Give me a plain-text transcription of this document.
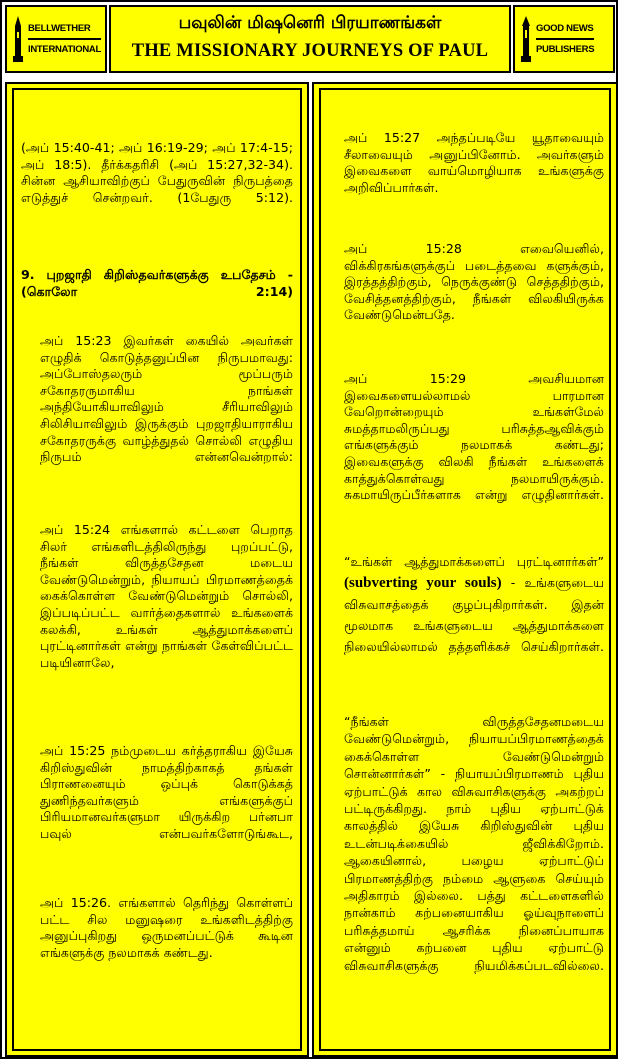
BELLWETHER
INTERNATIONAL
பவுலின் மிஷனெரி பிரயாணங்கள்
THE MISSIONARY JOURNEYS OF PAUL
GOOD NEWS
PUBLISHERS
(அப் 15:40-41; அப் 16:19-29; அப் 17:4-15; அப் 18:5). தீர்க்கதரிசி (அப் 15:27,32-34). சின்ன ஆசியாவிற்குப் பேதுருவின் நிருபத்தை எடுத்துச் சென்றவர். (1பேதுரு 5:12).
9. புறஜாதி கிறிஸ்தவர்களுக்கு உபதேசம் - (கொலோ 2:14)
அப் 15:23 இவர்கள் கையில் அவர்கள் எழுதிக் கொடுத்தனுப்பின நிருபமாவது: அப்போஸ்தலரும் மூப்பரும் சகோதரருமாகிய நாங்கள் அந்தியோகியாவிலும் சீரியாவிலும் சிலிசியாவிலும் இருக்கும் புறஜாதியாராகிய சகோதரருக்கு வாழ்த்துதல் சொல்லி எழுதிய நிருபம் என்னவென்றால்:
அப் 15:24 எங்களால் கட்டளை பெறாத சிலர் எங்களிடத்திலிருந்து புறப்பட்டு, நீங்கள் விருத்தசேதன மடைய வேண்டுமென்றும், நியாயப் பிரமாணத்தைக் கைக்கொள்ள வேண்டுமென்றும் சொல்லி, இப்படிப்பட்ட வார்த்தைகளால் உங்களைக் கலக்கி, உங்கள் ஆத்துமாக்களைப் புரட்டினார்கள் என்று நாங்கள் கேள்விப்பட்ட படியினாலே,
அப் 15:25 நம்முடைய கர்த்தராகிய இயேசு கிறிஸ்துவின் நாமத்திற்காகத் தங்கள் பிராணனையும் ஒப்புக் கொடுக்கத் துணிந்தவர்களும் எங்களுக்குப் பிரியமானவர்களுமா யிருக்கிற பர்னபா பவுல் என்பவர்களோடுங்கூட,
அப் 15:26. எங்களால் தெரிந்து கொள்ளப் பட்ட சில மனுஷரை உங்களிடத்திற்கு அனுப்புகிறது ஒருமனப்பட்டுக் கூடின எங்களுக்கு நலமாகக் கண்டது.
அப் 15:27 அந்தப்படியே யூதாவையும் சீலாவையும் அனுப்பினோம். அவர்களும் இவைகளை வாய்மொழியாக உங்களுக்கு அறிவிப்பார்கள்.
அப் 15:28 எவையெனில், விக்கிரகங்களுக்குப் படைத்தவை களுக்கும், இரத்தத்திற்கும், நெருக்குண்டு செத்ததிற்கும், வேசித்தனத்திற்கும், நீங்கள் விலகியிருக்க வேண்டுமென்பதே.
அப் 15:29 அவசியமான இவைகளையல்லாமல் பாரமான வேறொன்றையும் உங்கள்மேல் சுமத்தாமலிருப்பது பரிசுத்தஆவிக்கும் எங்களுக்கும் நலமாகக் கண்டது; இவைகளுக்கு விலகி நீங்கள் உங்களைக் காத்துக்கொள்வது நலமாயிருக்கும். சுகமாயிருப்பீர்களாக என்று எழுதினார்கள்.
“உங்கள் ஆத்துமாக்களைப் புரட்டினார்கள்” (subverting your souls) - உங்களுடைய விசுவாசத்தைக் குழப்புகிறார்கள். இதன் மூலமாக உங்களுடைய ஆத்துமாக்களை நிலையில்லாமல் தத்தளிக்கச் செய்கிறார்கள்.
“நீங்கள் விருத்தசேதனமடைய வேண்டுமென்றும், நியாயப்பிரமாணத்தைக் கைக்கொள்ள வேண்டுமென்றும் சொன்னார்கள்” - நியாயப்பிரமாணம் புதிய ஏற்பாட்டுக் கால விசுவாசிகளுக்கு அகற்றப் பட்டிருக்கிறது. நாம் புதிய ஏற்பாட்டுக் காலத்தில் இயேசு கிறிஸ்துவின் புதிய உடன்படிக்கையில் ஜீவிக்கிறோம். ஆகையினால், பழைய ஏற்பாட்டுப் பிரமாணத்திற்கு நம்மை ஆளுகை செய்யும் அதிகாரம் இல்லை. பத்து கட்டளைகளில் நான்காம் கற்பனையாகிய ஓய்வுநாளைப் பரிசுத்தமாய் ஆசரிக்க நினைப்பாயாக என்னும் கற்பனை புதிய ஏற்பாட்டு விசுவாசிகளுக்கு நியமிக்கப்படவில்லை.
